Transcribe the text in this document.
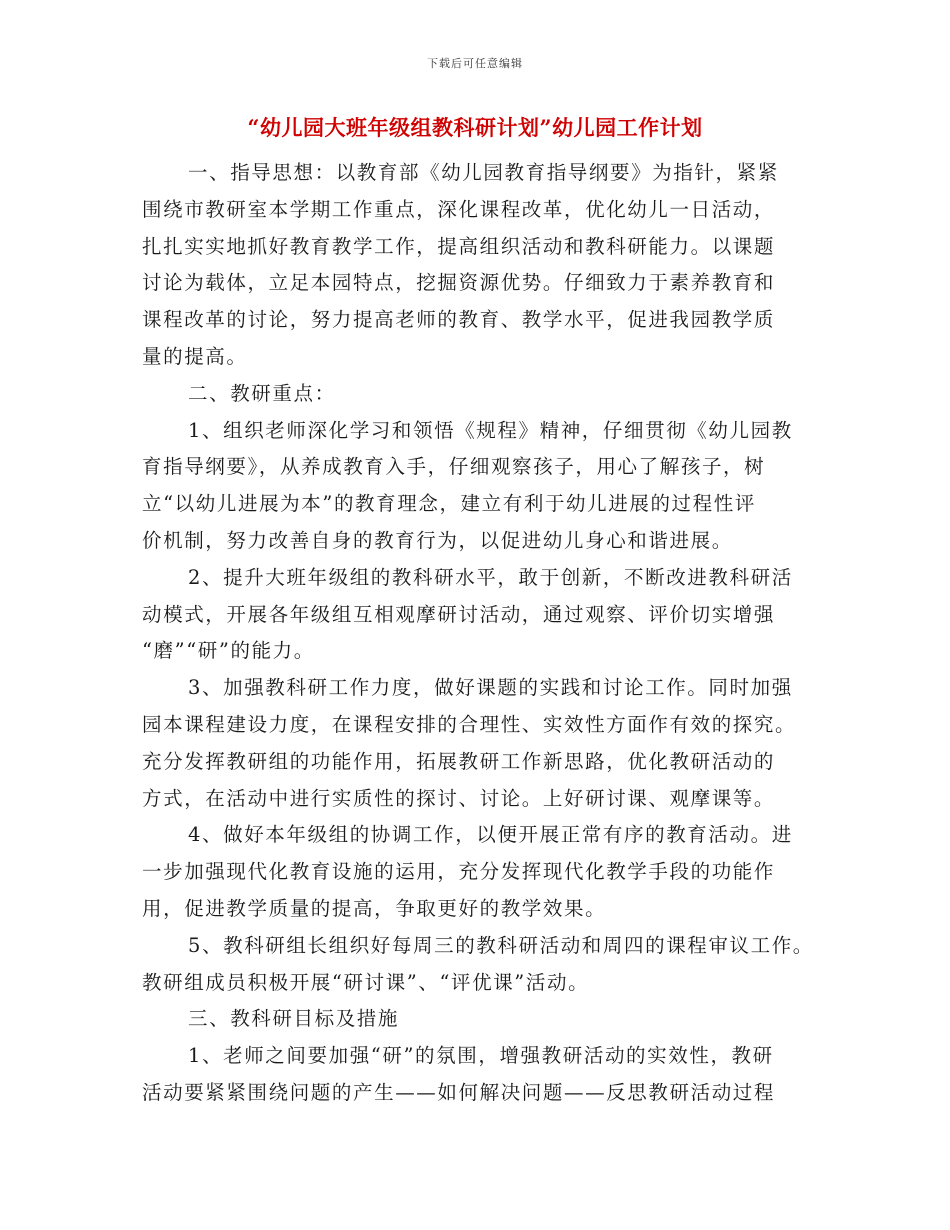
下载后可任意编辑
“幼儿园大班年级组教科研计划”幼儿园工作计划
一、指导思想：以教育部《幼儿园教育指导纲要》为指针，紧紧
围绕市教研室本学期工作重点，深化课程改革，优化幼儿一日活动，
扎扎实实地抓好教育教学工作，提高组织活动和教科研能力。以课题
讨论为载体，立足本园特点，挖掘资源优势。仔细致力于素养教育和
课程改革的讨论，努力提高老师的教育、教学水平，促进我园教学质
量的提高。
二、教研重点：
1、组织老师深化学习和领悟《规程》精神，仔细贯彻《幼儿园教
育指导纲要》，从养成教育入手，仔细观察孩子，用心了解孩子，树
立“以幼儿进展为本”的教育理念，建立有利于幼儿进展的过程性评
价机制，努力改善自身的教育行为，以促进幼儿身心和谐进展。
2、提升大班年级组的教科研水平，敢于创新，不断改进教科研活
动模式，开展各年级组互相观摩研讨活动，通过观察、评价切实增强
“磨”“研”的能力。
3、加强教科研工作力度，做好课题的实践和讨论工作。同时加强
园本课程建设力度，在课程安排的合理性、实效性方面作有效的探究。
充分发挥教研组的功能作用，拓展教研工作新思路，优化教研活动的
方式，在活动中进行实质性的探讨、讨论。上好研讨课、观摩课等。
4、做好本年级组的协调工作，以便开展正常有序的教育活动。进
一步加强现代化教育设施的运用，充分发挥现代化教学手段的功能作
用，促进教学质量的提高，争取更好的教学效果。
5、教科研组长组织好每周三的教科研活动和周四的课程审议工作。
教研组成员积极开展“研讨课”、“评优课”活动。
三、教科研目标及措施
1、老师之间要加强“研”的氛围，增强教研活动的实效性，教研
活动要紧紧围绕问题的产生——如何解决问题——反思教研活动过程
